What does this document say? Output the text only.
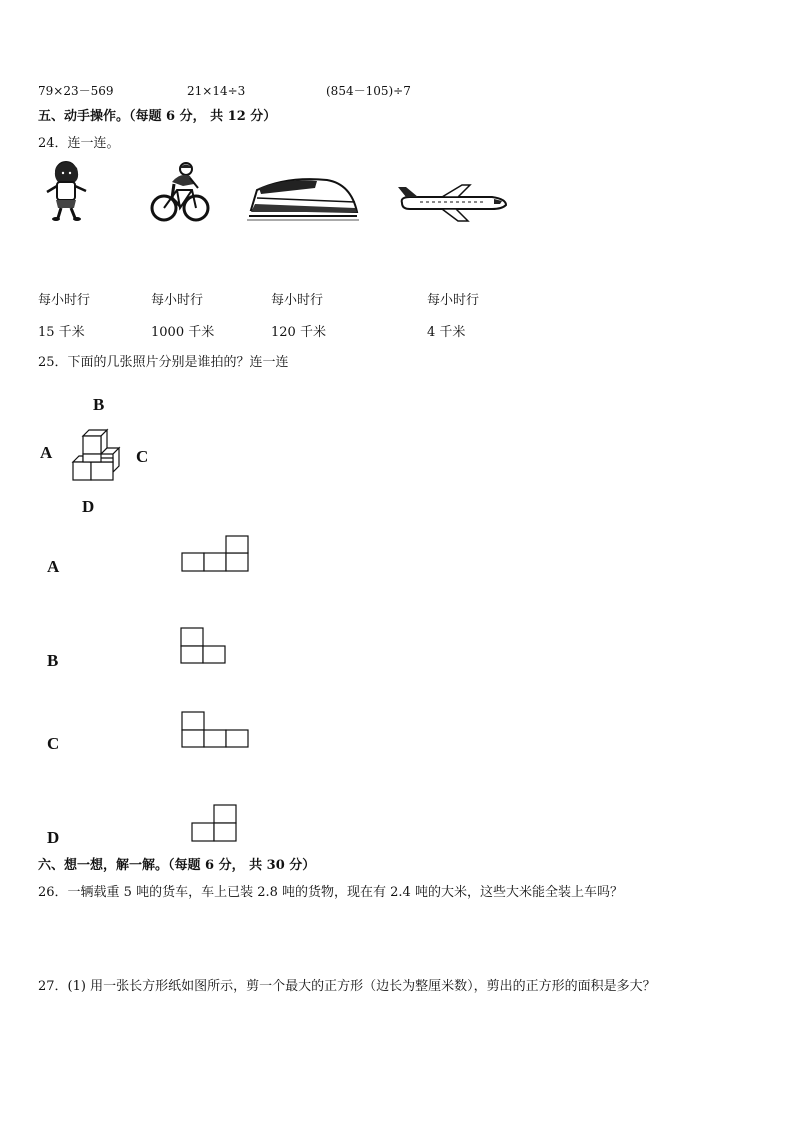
79×23－569	21×14÷3	(854－105)÷7
五、动手操作。（每题 6 分， 共 12 分）
24．连一连。
每小时行	每小时行	每小时行	每小时行
15 千米	1000 千米	120 千米	4 千米
25．下面的几张照片分别是谁拍的？连一连
B
A	C
D
A
B
C
D
六、想一想，解一解。（每题 6 分， 共 30 分）
26．一辆载重 5 吨的货车，车上已装 2.8 吨的货物，现在有 2.4 吨的大米，这些大米能全装上车吗？
27．(1) 用一张长方形纸如图所示，剪一个最大的正方形（边长为整厘米数），剪出的正方形的面积是多大？
